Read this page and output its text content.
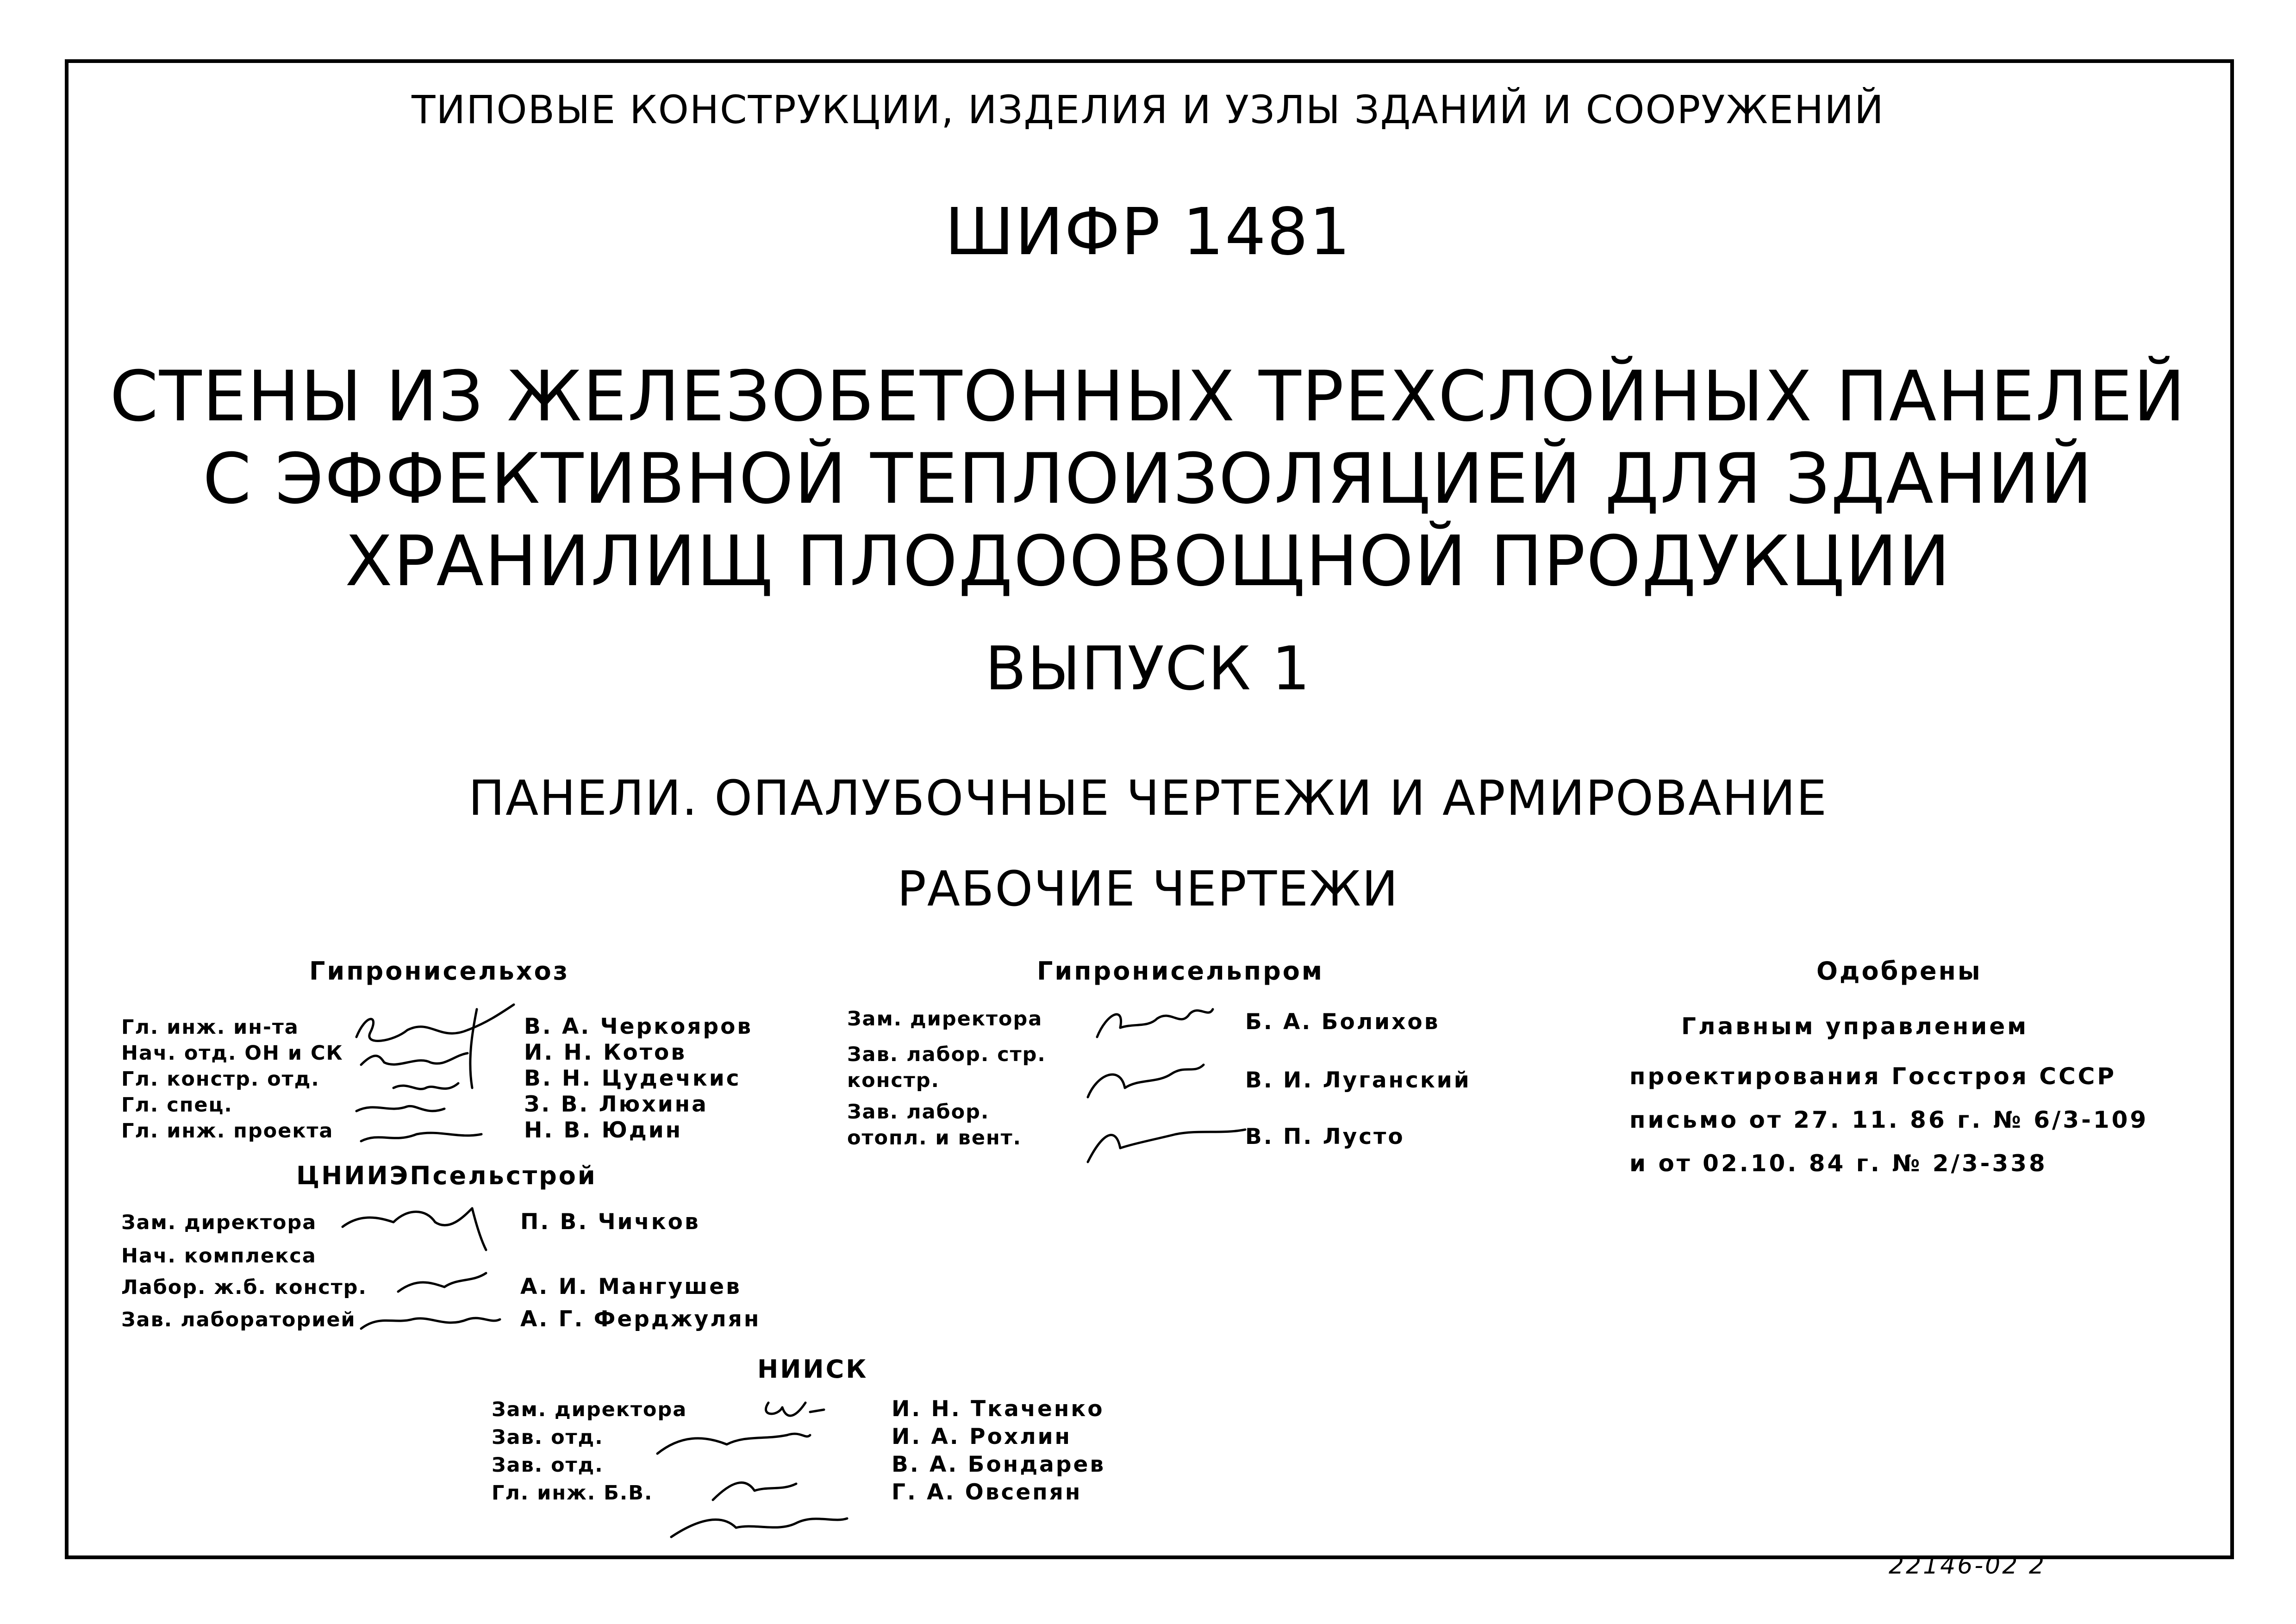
ТИПОВЫЕ КОНСТРУКЦИИ, ИЗДЕЛИЯ И УЗЛЫ ЗДАНИЙ И СООРУЖЕНИЙ
ШИФР 1481
СТЕНЫ ИЗ ЖЕЛЕЗОБЕТОННЫХ ТРЕХСЛОЙНЫХ ПАНЕЛЕЙ
С ЭФФЕКТИВНОЙ ТЕПЛОИЗОЛЯЦИЕЙ ДЛЯ ЗДАНИЙ
ХРАНИЛИЩ ПЛОДООВОЩНОЙ ПРОДУКЦИИ
ВЫПУСК 1
ПАНЕЛИ. ОПАЛУБОЧНЫЕ ЧЕРТЕЖИ И АРМИРОВАНИЕ
РАБОЧИЕ ЧЕРТЕЖИ
Гипронисельхоз
Гл. инж. ин-та
Нач. отд. ОН и СК
Гл. констр. отд.
Гл. спец.
Гл. инж. проекта
В. А. Черкояров
И. Н. Котов
В. Н. Цудечкис
З. В. Люхина
Н. В. Юдин
ЦНИИЭПсельстрой
Зам. директора
Нач. комплекса
Лабор. ж.б. констр.
Зав. лабораторией
П. В. Чичков
А. И. Мангушев
А. Г. Ферджулян
Гипронисельпром
Зам. директора
Зав. лабор. стр. констр.
Зав. лабор. отопл. и вент.
Б. А. Болихов
В. И. Луганский
В. П. Лусто
НИИСК
Зам. директора
Зав. отд.
Зав. отд.
Гл. инж. Б.В.
И. Н. Ткаченко
И. А. Рохлин
В. А. Бондарев
Г. А. Овсепян
Одобрены
Главным управлением
проектирования Госстроя СССР
письмо от 27. 11. 86 г. № 6/3-109
и от 02.10. 84 г. № 2/3-338
22146-02 2
